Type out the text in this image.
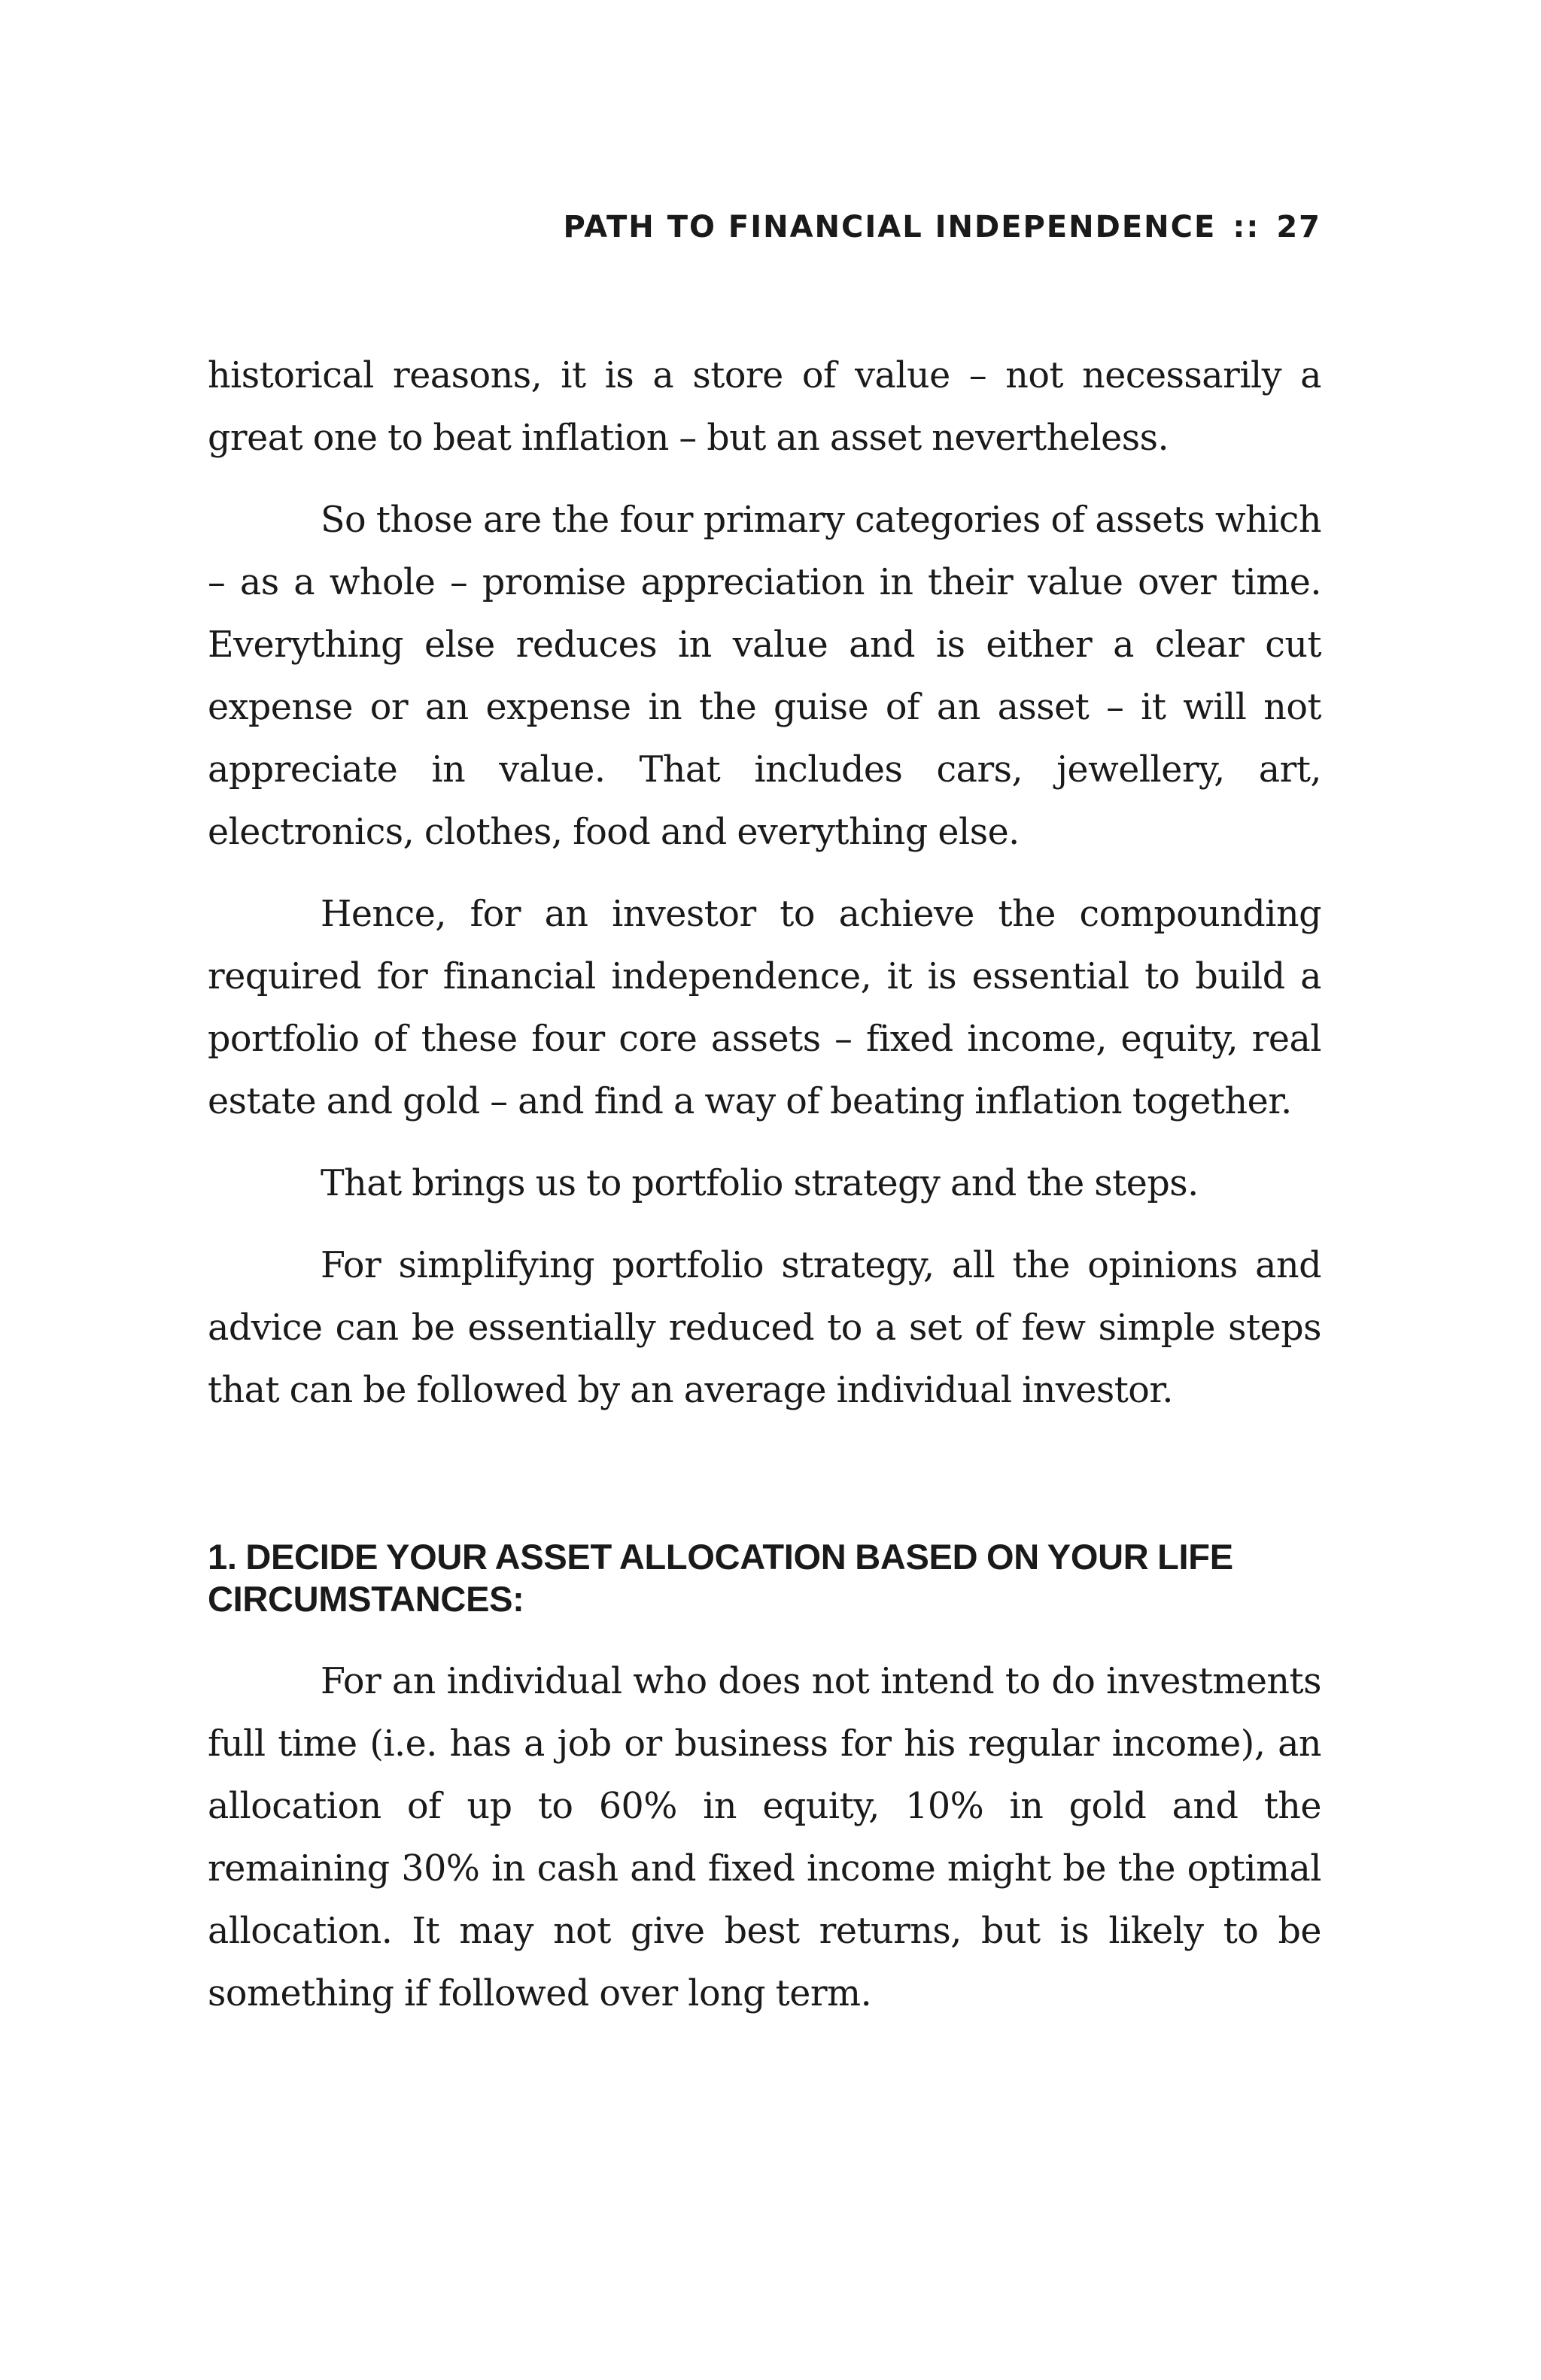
PATH TO FINANCIAL INDEPENDENCE :: 27

historical reasons, it is a store of value – not necessarily a great one to beat inflation – but an asset nevertheless.

So those are the four primary categories of assets which – as a whole – promise appreciation in their value over time. Everything else reduces in value and is either a clear cut expense or an expense in the guise of an asset – it will not appreciate in value. That includes cars, jewellery, art, electronics, clothes, food and everything else.

Hence, for an investor to achieve the compounding required for financial independence, it is essential to build a portfolio of these four core assets – fixed income, equity, real estate and gold – and find a way of beating inflation together.

That brings us to portfolio strategy and the steps.

For simplifying portfolio strategy, all the opinions and advice can be essentially reduced to a set of few simple steps that can be followed by an average individual investor.

1. DECIDE YOUR ASSET ALLOCATION BASED ON YOUR LIFE CIRCUMSTANCES:

For an individual who does not intend to do investments full time (i.e. has a job or business for his regular income), an allocation of up to 60% in equity, 10% in gold and the remaining 30% in cash and fixed income might be the optimal allocation. It may not give best returns, but is likely to be something if followed over long term.
